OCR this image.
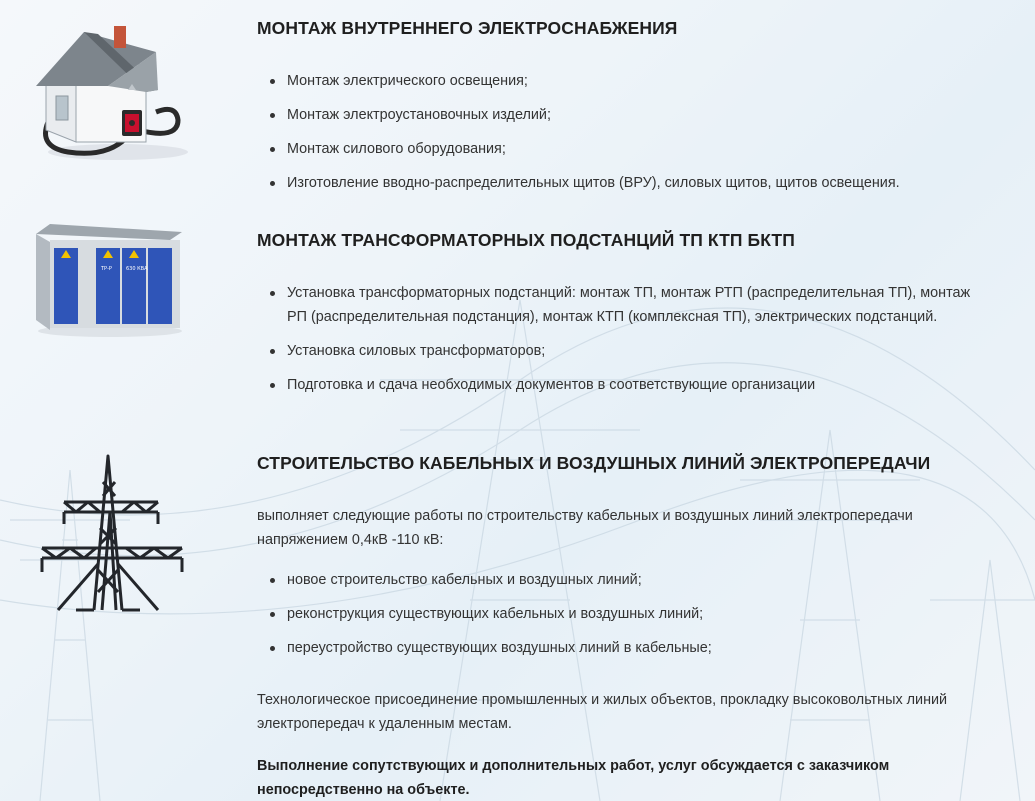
МОНТАЖ ВНУТРЕННЕГО ЭЛЕКТРОСНАБЖЕНИЯ
Монтаж электрического освещения;
Монтаж электроустановочных изделий;
Монтаж силового оборудования;
Изготовление вводно-распределительных щитов (ВРУ), силовых щитов, щитов освещения.
ТР-Р	630 КВА
МОНТАЖ ТРАНСФОРМАТОРНЫХ ПОДСТАНЦИЙ ТП КТП БКТП
Установка трансформаторных подстанций: монтаж ТП, монтаж РТП (распределительная ТП), монтаж РП (распределительная подстанция), монтаж КТП (комплексная ТП), электрических подстанций.
Установка силовых трансформаторов;
Подготовка и сдача необходимых документов в соответствующие организации
СТРОИТЕЛЬСТВО КАБЕЛЬНЫХ И ВОЗДУШНЫХ ЛИНИЙ ЭЛЕКТРОПЕРЕДАЧИ

выполняет следующие работы по строительству кабельных и воздушных линий электропередачи напряжением 0,4кВ -110 кВ:

новое строительство кабельных и воздушных линий;
реконструкция существующих кабельных и воздушных линий;
переустройство существующих воздушных линий в кабельные;

Технологическое присоединение промышленных и жилых объектов, прокладку высоковольтных линий электропередач к удаленным местам.

Выполнение сопутствующих и дополнительных работ, услуг обсуждается с заказчиком непосредственно на объекте.
